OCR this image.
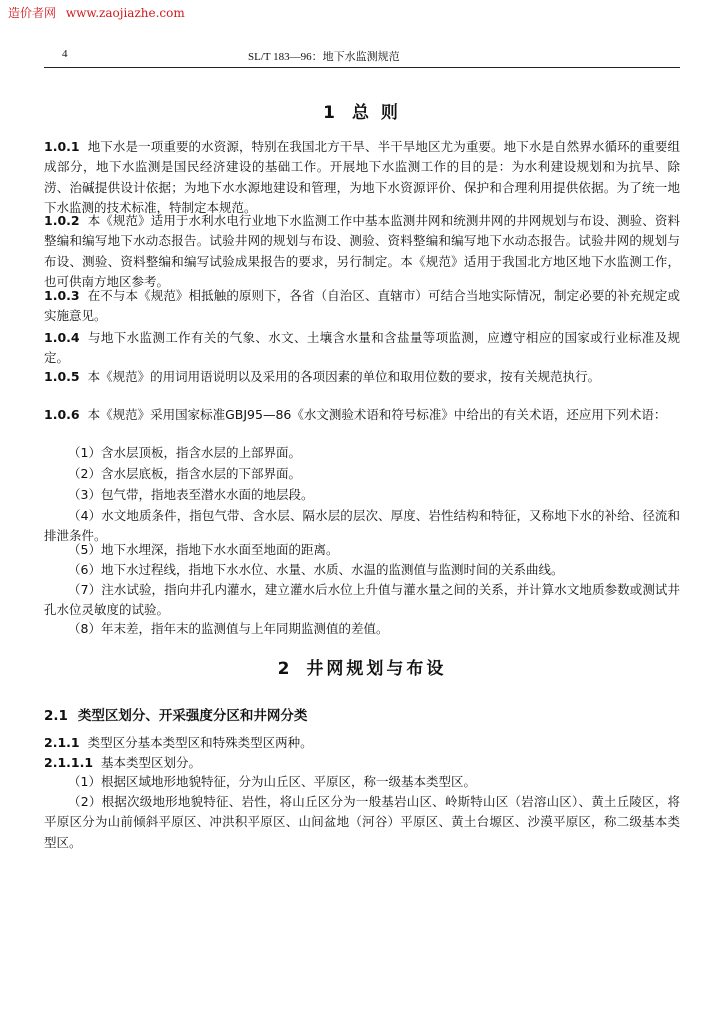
造价者网 www.zaojiazhe.com
4	SL/T 183—96：地下水监测规范
1 总 则

1.0.1 地下水是一项重要的水资源，特别在我国北方干旱、半干旱地区尤为重要。地下水是自然界水循环的重要组成部分，地下水监测是国民经济建设的基础工作。开展地下水监测工作的目的是：为水利建设规划和为抗旱、除涝、治碱提供设计依据；为地下水水源地建设和管理，为地下水资源评价、保护和合理利用提供依据。为了统一地下水监测的技术标准，特制定本规范。

1.0.2 本《规范》适用于水利水电行业地下水监测工作中基本监测井网和统测井网的井网规划与布设、测验、资料整编和编写地下水动态报告。试验井网的规划与布设、测验、资料整编和编写地下水动态报告。试验井网的规划与布设、测验、资料整编和编写试验成果报告的要求，另行制定。本《规范》适用于我国北方地区地下水监测工作，也可供南方地区参考。

1.0.3 在不与本《规范》相抵触的原则下，各省（自治区、直辖市）可结合当地实际情况，制定必要的补充规定或实施意见。

1.0.4 与地下水监测工作有关的气象、水文、土壤含水量和含盐量等项监测，应遵守相应的国家或行业标准及规定。

1.0.5 本《规范》的用词用语说明以及采用的各项因素的单位和取用位数的要求，按有关规范执行。

1.0.6 本《规范》采用国家标准GBJ95—86《水文测验术语和符号标准》中给出的有关术语，还应用下列术语：

（1）含水层顶板，指含水层的上部界面。

（2）含水层底板，指含水层的下部界面。

（3）包气带，指地表至潜水水面的地层段。

（4）水文地质条件，指包气带、含水层、隔水层的层次、厚度、岩性结构和特征，又称地下水的补给、径流和排泄条件。

（5）地下水埋深，指地下水水面至地面的距离。

（6）地下水过程线，指地下水水位、水量、水质、水温的监测值与监测时间的关系曲线。

（7）注水试验，指向井孔内灌水，建立灌水后水位上升值与灌水量之间的关系，并计算水文地质参数或测试井孔水位灵敏度的试验。

（8）年末差，指年末的监测值与上年同期监测值的差值。

2 井网规划与布设
2.1 类型区划分、开采强度分区和井网分类

2.1.1 类型区分基本类型区和特殊类型区两种。

2.1.1.1 基本类型区划分。

（1）根据区域地形地貌特征，分为山丘区、平原区，称一级基本类型区。

（2）根据次级地形地貌特征、岩性，将山丘区分为一般基岩山区、岭斯特山区（岩溶山区）、黄土丘陵区，将平原区分为山前倾斜平原区、冲洪积平原区、山间盆地（河谷）平原区、黄土台塬区、沙漠平原区，称二级基本类型区。
